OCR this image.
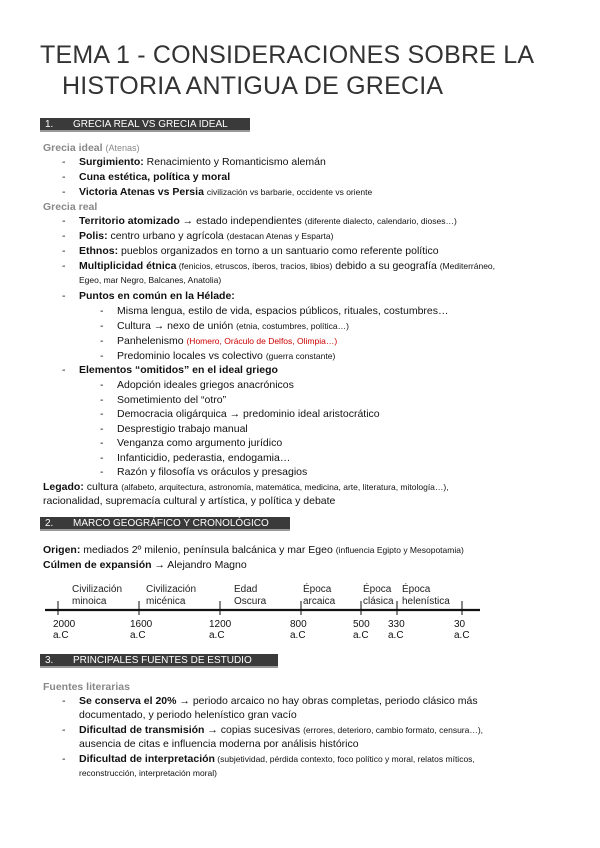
TEMA 1 - CONSIDERACIONES SOBRE LA
HISTORIA ANTIGUA DE GRECIA
1. GRECIA REAL VS GRECIA IDEAL
Grecia ideal (Atenas)
- Surgimiento: Renacimiento y Romanticismo alemán
- Cuna estética, política y moral
- Victoria Atenas vs Persia civilización vs barbarie, occidente vs oriente
Grecia real
- Territorio atomizado → estado independientes (diferente dialecto, calendario, dioses…)
- Polis: centro urbano y agrícola (destacan Atenas y Esparta)
- Ethnos: pueblos organizados en torno a un santuario como referente político
- Multiplicidad étnica (fenicios, etruscos, íberos, tracios, libios) debido a su geografía (Mediterráneo,
Egeo, mar Negro, Balcanes, Anatolia)
- Puntos en común en la Hélade:
- Misma lengua, estilo de vida, espacios públicos, rituales, costumbres…
- Cultura → nexo de unión (etnia, costumbres, política…)
- Panhelenismo (Homero, Oráculo de Delfos, Olimpia…)
- Predominio locales vs colectivo (guerra constante)
- Elementos “omitidos” en el ideal griego
- Adopción ideales griegos anacrónicos
- Sometimiento del “otro”
- Democracia oligárquica → predominio ideal aristocrático
- Desprestigio trabajo manual
- Venganza como argumento jurídico
- Infanticidio, pederastia, endogamia…
- Razón y filosofía vs oráculos y presagios
Legado: cultura (alfabeto, arquitectura, astronomía, matemática, medicina, arte, literatura, mitología…),
racionalidad, supremacía cultural y artística, y política y debate
2. MARCO GEOGRÁFICO Y CRONOLÓGICO
Origen: mediados 2º milenio, península balcánica y mar Egeo (influencia Egipto y Mesopotamia)
Cúlmen de expansión → Alejandro Magno
Civilización
minoica
Civilización
micénica
Edad
Oscura
Época
arcaica
Época
clásica
Época
helenística
2000
a.C
1600
a.C
1200
a.C
800
a.C
500
a.C
330
a.C
30
a.C
3. PRINCIPALES FUENTES DE ESTUDIO
Fuentes literarias
- Se conserva el 20% → periodo arcaico no hay obras completas, periodo clásico más
documentado, y periodo helenístico gran vacío
- Dificultad de transmisión → copias sucesivas (errores, deterioro, cambio formato, censura…),
ausencia de citas e influencia moderna por análisis histórico
- Dificultad de interpretación (subjetividad, pérdida contexto, foco político y moral, relatos míticos,
reconstrucción, interpretación moral)
